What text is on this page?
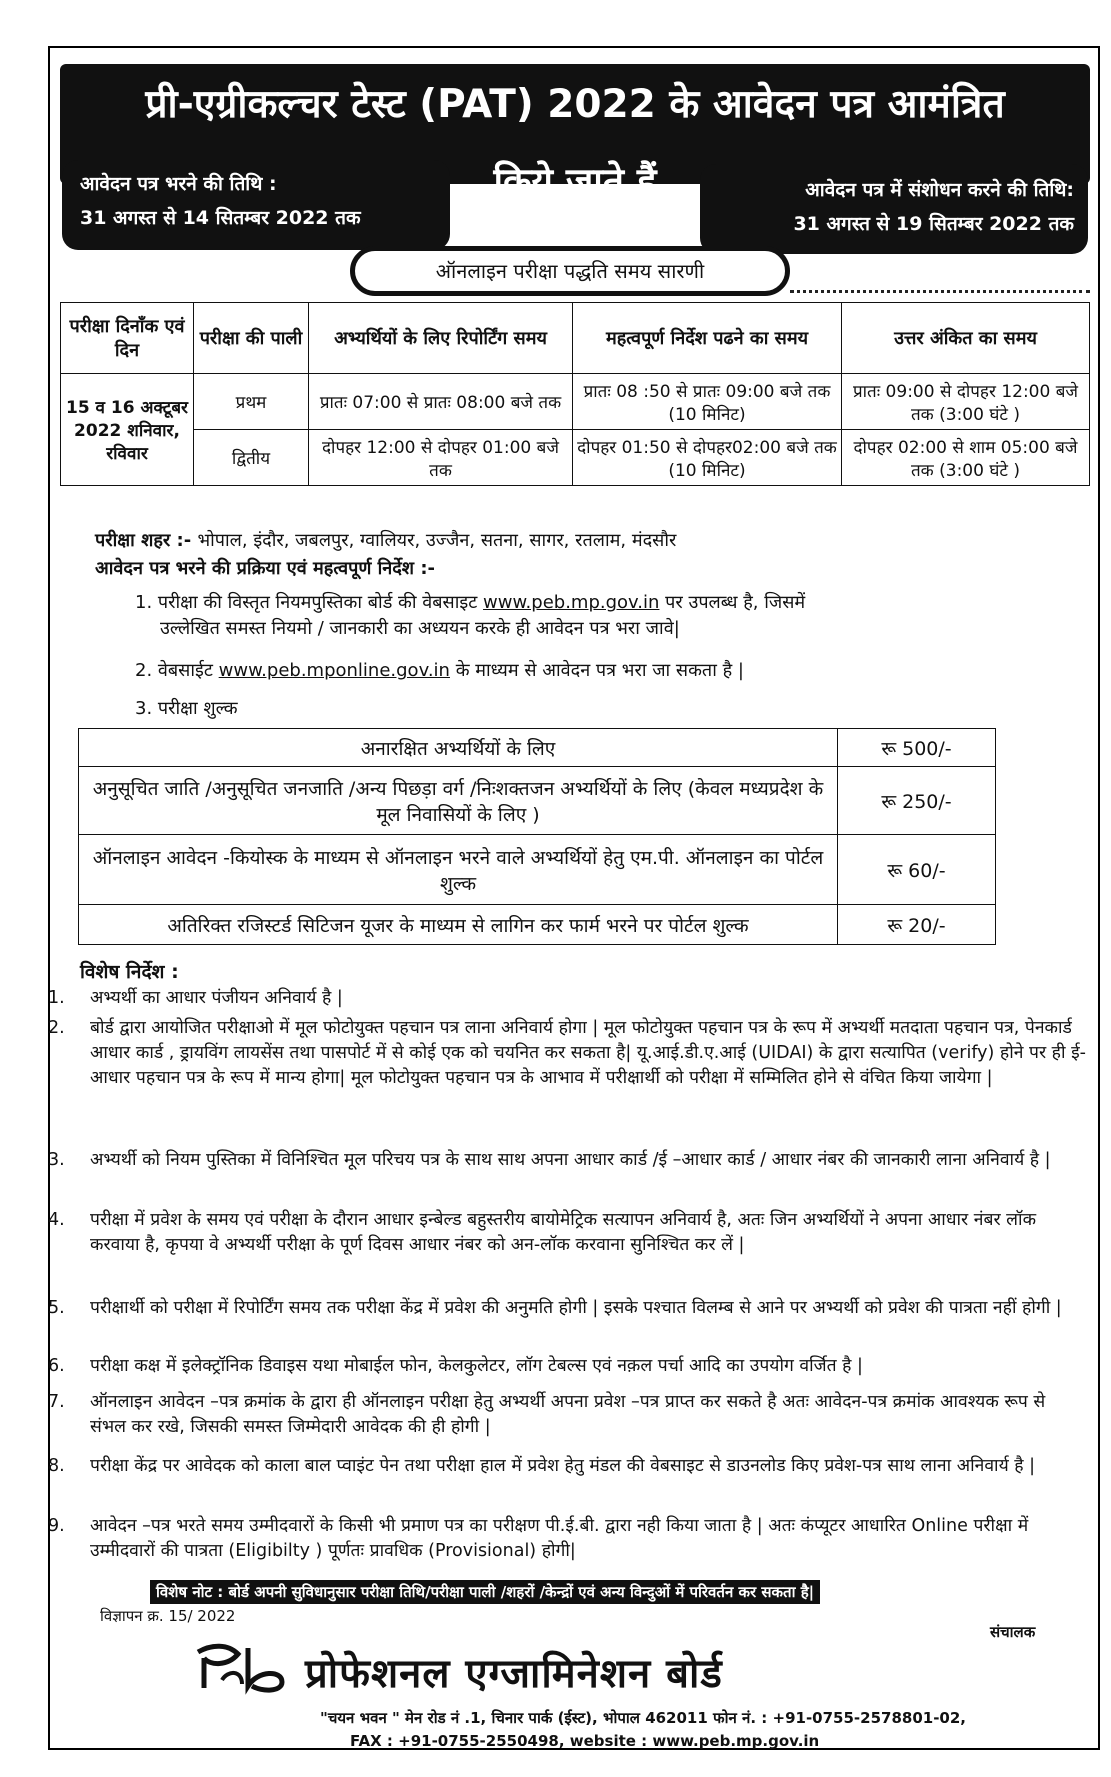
प्री-एग्रीकल्चर टेस्ट (PAT) 2022 के आवेदन पत्र आमंत्रित
किये जाते हैं
आवेदन पत्र भरने की तिथि :
31 अगस्त से 14 सितम्बर 2022 तक
आवेदन पत्र में संशोधन करने की तिथि:
31 अगस्त से 19 सितम्बर 2022 तक
ऑनलाइन परीक्षा पद्धति समय सारणी
परीक्षा दिनाँक एवं दिन	परीक्षा की पाली	अभ्यर्थियों के लिए रिपोर्टिंग समय	महत्वपूर्ण निर्देश पढने का समय	उत्तर अंकित का समय
15 व 16 अक्टूबर 2022 शनिवार, रविवार	प्रथम	प्रातः 07:00 से प्रातः 08:00 बजे तक	प्रातः 08 :50 से प्रातः 09:00 बजे तक (10 मिनिट)	प्रातः 09:00 से दोपहर 12:00 बजे तक (3:00 घंटे )
	द्वितीय	दोपहर 12:00 से दोपहर 01:00 बजे तक	दोपहर 01:50 से दोपहर02:00 बजे तक (10 मिनिट)	दोपहर 02:00 से शाम 05:00 बजे तक (3:00 घंटे )
परीक्षा शहर :- भोपाल, इंदौर, जबलपुर, ग्वालियर, उज्जैन, सतना, सागर, रतलाम, मंदसौर
आवेदन पत्र भरने की प्रक्रिया एवं महत्वपूर्ण निर्देश :-
1. परीक्षा की विस्तृत नियमपुस्तिका बोर्ड की वेबसाइट www.peb.mp.gov.in पर उपलब्ध है, जिसमें
उल्लेखित समस्त नियमो / जानकारी का अध्ययन करके ही आवेदन पत्र भरा जावे|
2. वेबसाईट www.peb.mponline.gov.in के माध्यम से आवेदन पत्र भरा जा सकता है |
3. परीक्षा शुल्क
अनारक्षित अभ्यर्थियों के लिए	रू 500/-
अनुसूचित जाति /अनुसूचित जनजाति /अन्य पिछड़ा वर्ग /निःशक्तजन अभ्यर्थियों के लिए (केवल मध्यप्रदेश के मूल निवासियों के लिए )	रू 250/-
ऑनलाइन आवेदन -कियोस्क के माध्यम से ऑनलाइन भरने वाले अभ्यर्थियों हेतु एम.पी. ऑनलाइन का पोर्टल शुल्क	रू 60/-
अतिरिक्त रजिस्टर्ड सिटिजन यूजर के माध्यम से लागिन कर फार्म भरने पर पोर्टल शुल्क	रू 20/-
विशेष निर्देश :
1.	अभ्यर्थी का आधार पंजीयन अनिवार्य है |
2.	बोर्ड द्वारा आयोजित परीक्षाओ में मूल फोटोयुक्त पहचान पत्र लाना अनिवार्य होगा | मूल फोटोयुक्त पहचान पत्र के रूप में अभ्यर्थी मतदाता पहचान पत्र, पेनकार्ड आधार कार्ड , ड्रायविंग लायसेंस तथा पासपोर्ट में से कोई एक को चयनित कर सकता है| यू.आई.डी.ए.आई (UIDAI) के द्वारा सत्यापित (verify) होने पर ही ई-आधार पहचान पत्र के रूप में मान्य होगा| मूल फोटोयुक्त पहचान पत्र के आभाव में परीक्षार्थी को परीक्षा में सम्मिलित होने से वंचित किया जायेगा |
3.	अभ्यर्थी को नियम पुस्तिका में विनिश्चित मूल परिचय पत्र के साथ साथ अपना आधार कार्ड /ई –आधार कार्ड / आधार नंबर की जानकारी लाना अनिवार्य है |
4.	परीक्षा में प्रवेश के समय एवं परीक्षा के दौरान आधार इन्बेल्ड बहुस्तरीय बायोमेट्रिक सत्यापन अनिवार्य है, अतः जिन अभ्यर्थियों ने अपना आधार नंबर लॉक करवाया है, कृपया वे अभ्यर्थी परीक्षा के पूर्ण दिवस आधार नंबर को अन-लॉक करवाना सुनिश्चित कर लें |
5.	परीक्षार्थी को परीक्षा में रिपोर्टिंग समय तक परीक्षा केंद्र में प्रवेश की अनुमति होगी | इसके पश्चात विलम्ब से आने पर अभ्यर्थी को प्रवेश की पात्रता नहीं होगी |
6.	परीक्षा कक्ष में इलेक्ट्रॉनिक डिवाइस यथा मोबाईल फोन, केलकुलेटर, लॉग टेबल्स एवं नक़ल पर्चा आदि का उपयोग वर्जित है |
7.	ऑनलाइन आवेदन –पत्र क्रमांक के द्वारा ही ऑनलाइन परीक्षा हेतु अभ्यर्थी अपना प्रवेश –पत्र प्राप्त कर सकते है अतः आवेदन-पत्र क्रमांक आवश्यक रूप से संभल कर रखे, जिसकी समस्त जिम्मेदारी आवेदक की ही होगी |
8.	परीक्षा केंद्र पर आवेदक को काला बाल प्वाइंट पेन तथा परीक्षा हाल में प्रवेश हेतु मंडल की वेबसाइट से डाउनलोड किए प्रवेश-पत्र साथ लाना अनिवार्य है |
9.	आवेदन –पत्र भरते समय उम्मीदवारों के किसी भी प्रमाण पत्र का परीक्षण पी.ई.बी. द्वारा नही किया जाता है | अतः कंप्यूटर आधारित Online परीक्षा में उम्मीदवारों की पात्रता (Eligibilty ) पूर्णतः प्रावधिक (Provisional) होगी|
विशेष नोट : बोर्ड अपनी सुविधानुसार परीक्षा तिथि/परीक्षा पाली /शहरों /केन्द्रों एवं अन्य विन्दुओं में परिवर्तन कर सकता है|
विज्ञापन क्र. 15/ 2022
संचालक
प्रोफेशनल एग्जामिनेशन बोर्ड
"चयन भवन " मेन रोड नं .1, चिनार पार्क (ईस्ट), भोपाल 462011 फोन नं. : +91-0755-2578801-02,
FAX : +91-0755-2550498, website : www.peb.mp.gov.in
